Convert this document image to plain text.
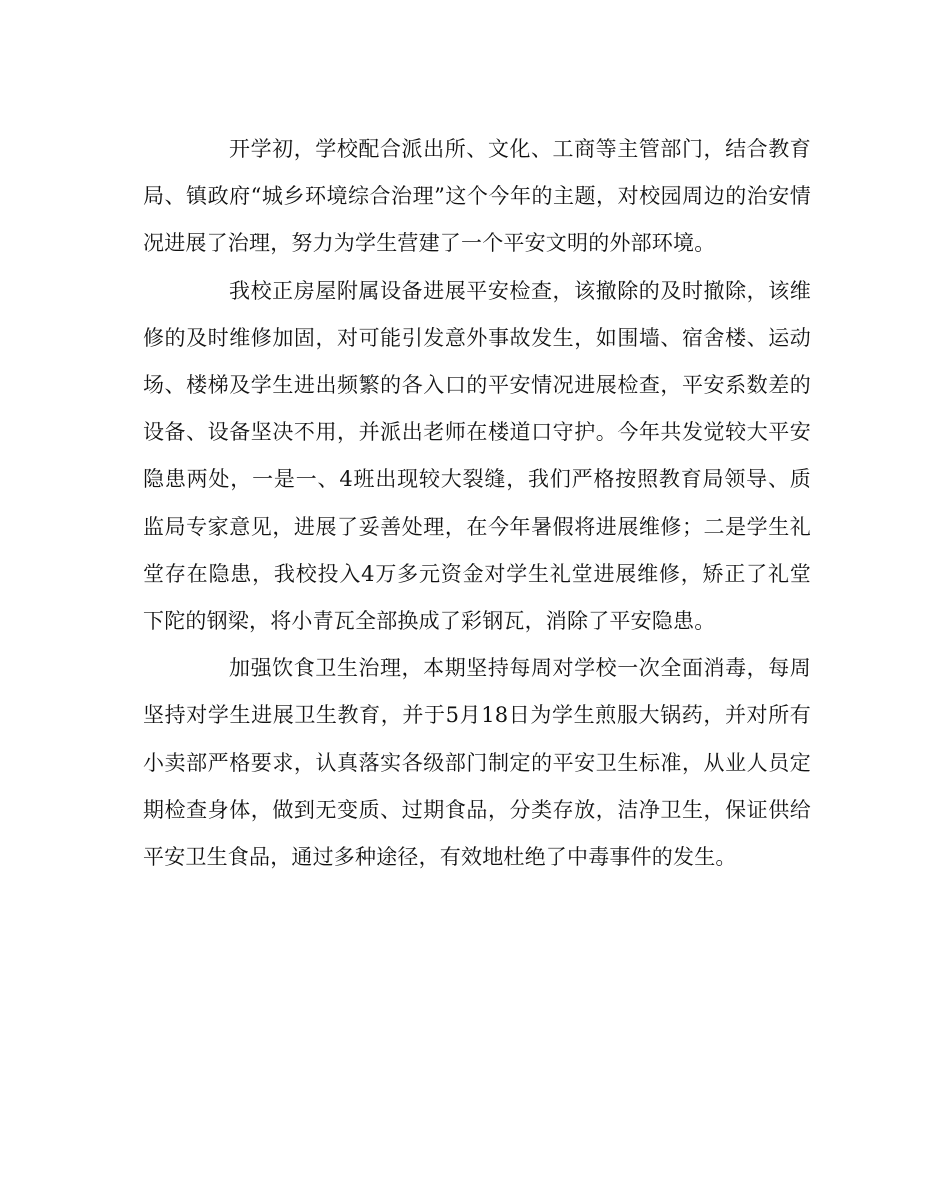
开学初，学校配合派出所、文化、工商等主管部门，结合教育局、镇政府“城乡环境综合治理”这个今年的主题，对校园周边的治安情况进展了治理，努力为学生营建了一个平安文明的外部环境。

我校正房屋附属设备进展平安检查，该撤除的及时撤除，该维修的及时维修加固，对可能引发意外事故发生，如围墙、宿舍楼、运动场、楼梯及学生进出频繁的各入口的平安情况进展检查，平安系数差的设备、设备坚决不用，并派出老师在楼道口守护。今年共发觉较大平安隐患两处，一是一、4班出现较大裂缝，我们严格按照教育局领导、质监局专家意见，进展了妥善处理，在今年暑假将进展维修；二是学生礼堂存在隐患，我校投入4万多元资金对学生礼堂进展维修，矫正了礼堂下陀的钢梁，将小青瓦全部换成了彩钢瓦，消除了平安隐患。

加强饮食卫生治理，本期坚持每周对学校一次全面消毒，每周坚持对学生进展卫生教育，并于5月18日为学生煎服大锅药，并对所有小卖部严格要求，认真落实各级部门制定的平安卫生标准，从业人员定期检查身体，做到无变质、过期食品，分类存放，洁净卫生，保证供给平安卫生食品，通过多种途径，有效地杜绝了中毒事件的发生。
